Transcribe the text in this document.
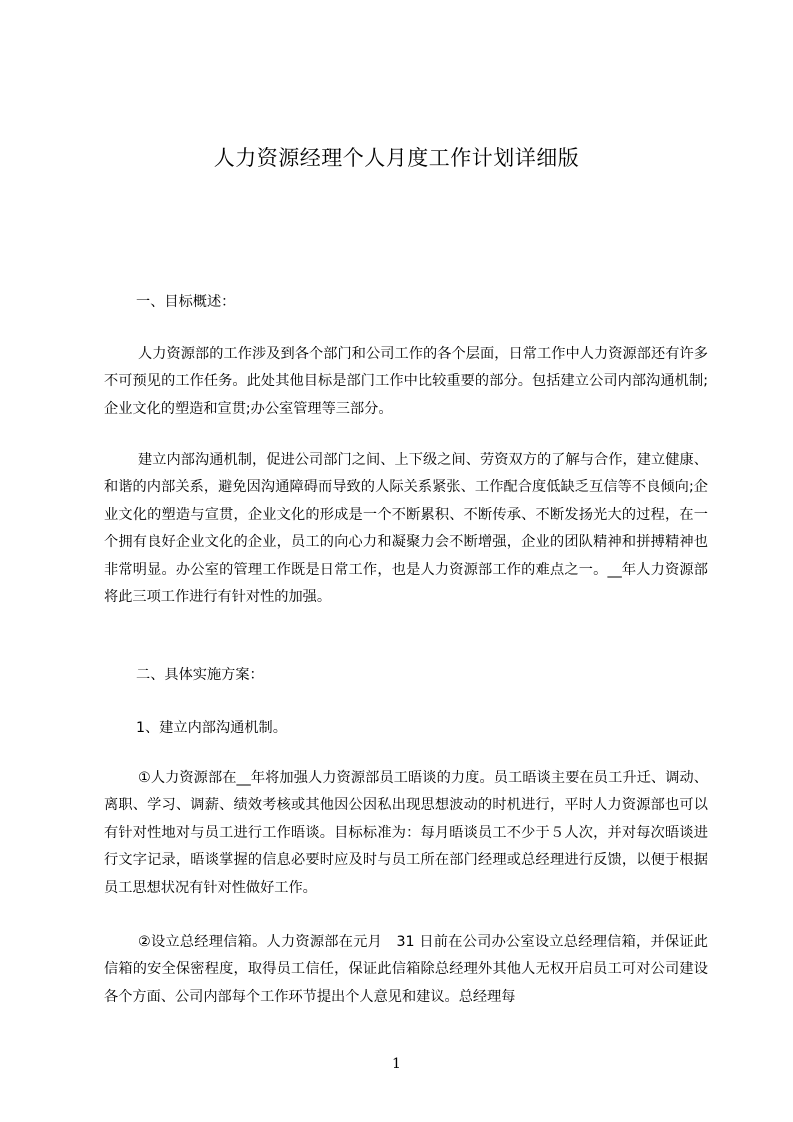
人力资源经理个人月度工作计划详细版
一、目标概述：

人力资源部的工作涉及到各个部门和公司工作的各个层面，日常工作中人力资源部还有许多不可预见的工作任务。此处其他目标是部门工作中比较重要的部分。包括建立公司内部沟通机制;企业文化的塑造和宣贯;办公室管理等三部分。

建立内部沟通机制，促进公司部门之间、上下级之间、劳资双方的了解与合作，建立健康、和谐的内部关系，避免因沟通障碍而导致的人际关系紧张、工作配合度低缺乏互信等不良倾向;企业文化的塑造与宣贯，企业文化的形成是一个不断累积、不断传承、不断发扬光大的过程，在一个拥有良好企业文化的企业，员工的向心力和凝聚力会不断增强，企业的团队精神和拼搏精神也非常明显。办公室的管理工作既是日常工作，也是人力资源部工作的难点之一。__年人力资源部将此三项工作进行有针对性的加强。

二、具体实施方案：
1、建立内部沟通机制。

①人力资源部在__年将加强人力资源部员工晤谈的力度。员工晤谈主要在员工升迁、调动、离职、学习、调薪、绩效考核或其他因公因私出现思想波动的时机进行，平时人力资源部也可以有针对性地对与员工进行工作晤谈。目标标准为：每月晤谈员工不少于５人次，并对每次晤谈进行文字记录，晤谈掌握的信息必要时应及时与员工所在部门经理或总经理进行反馈，以便于根据员工思想状况有针对性做好工作。

②设立总经理信箱。人力资源部在元月　31 日前在公司办公室设立总经理信箱，并保证此信箱的安全保密程度，取得员工信任，保证此信箱除总经理外其他人无权开启员工可对公司建设各个方面、公司内部每个工作环节提出个人意见和建议。总经理每

1
